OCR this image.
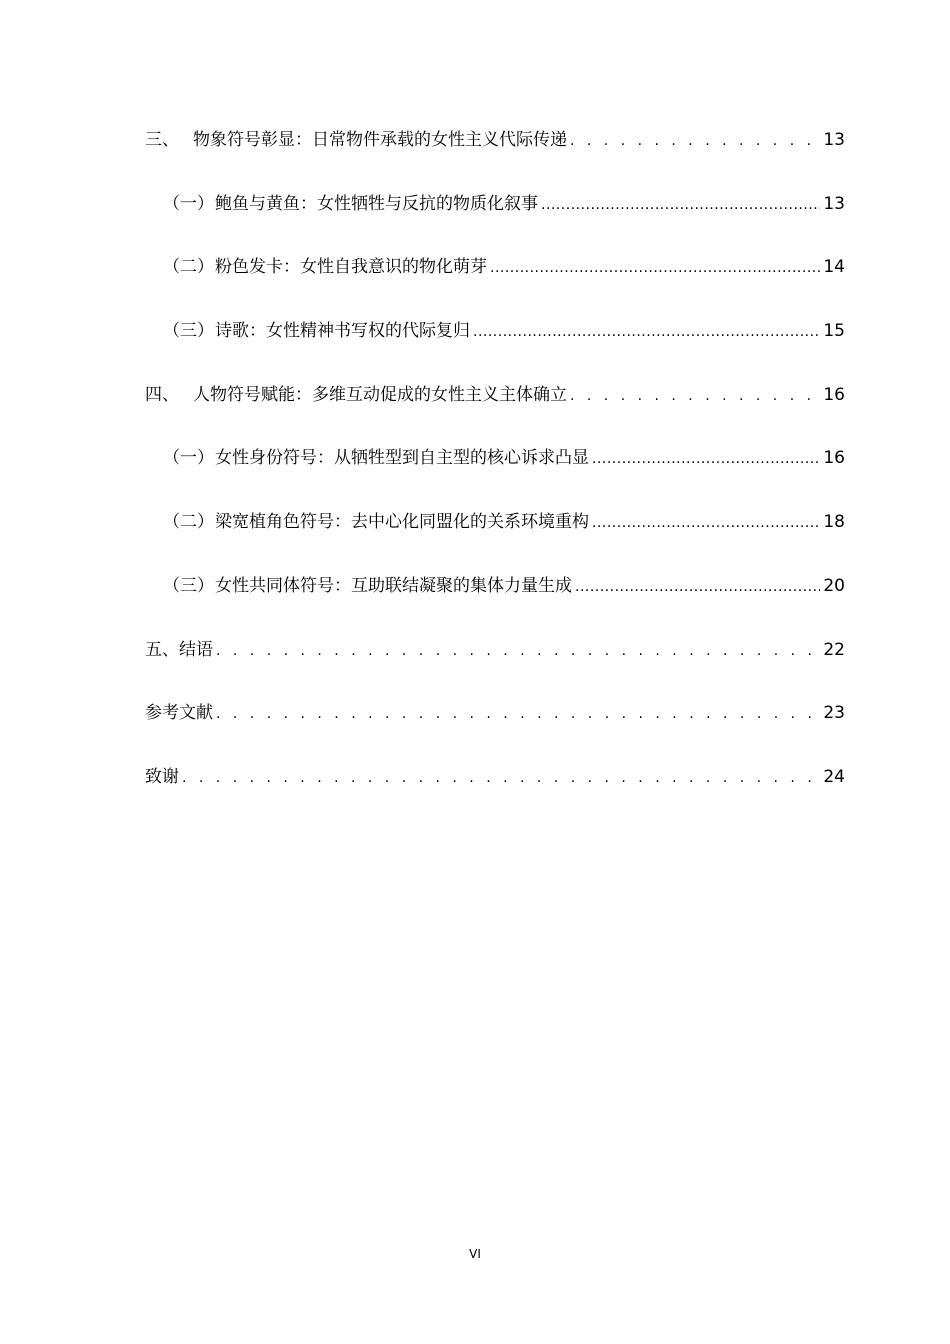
三、 物象符号彰显：日常物件承载的女性主义代际传递 . . .	13
（一）鲍鱼与黄鱼：女性牺牲与反抗的物质化叙事 .....	13
（二）粉色发卡：女性自我意识的物化萌芽 .....	14
（三）诗歌：女性精神书写权的代际复归 .....	15
四、 人物符号赋能：多维互动促成的女性主义主体确立 . . .	16
（一）女性身份符号：从牺牲型到自主型的核心诉求凸显 .....	16
（二）梁宽植角色符号：去中心化同盟化的关系环境重构 .....	18
（三）女性共同体符号：互助联结凝聚的集体力量生成 .....	20
五、结语 . . .	22
参考文献 . . .	23
致谢 . . .	24
VI
